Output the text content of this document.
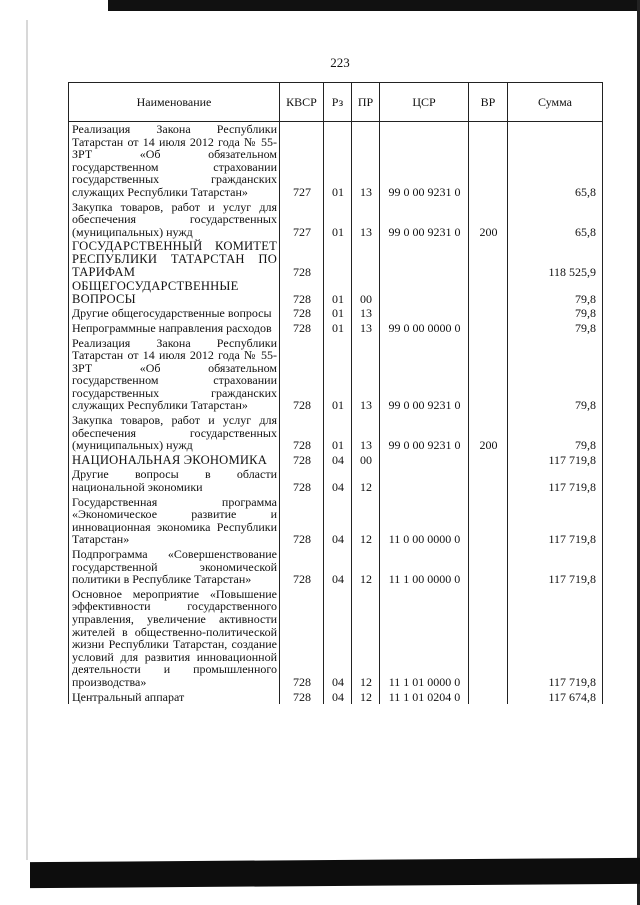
223
Наименование	КВСР	Рз	ПР	ЦСР	ВР	Сумма
Реализация Закона Республики Татарстан от 14 июля 2012 года № 55-ЗРТ «Об обязательном государственном страховании государственных гражданских служащих Республики Татарстан»	727	01	13	99 0 00 9231 0		65,8
Закупка товаров, работ и услуг для обеспечения государственных (муниципальных) нужд	727	01	13	99 0 00 9231 0	200	65,8
ГОСУДАРСТВЕННЫЙ КОМИТЕТ РЕСПУБЛИКИ ТАТАРСТАН ПО ТАРИФАМ	728					118 525,9
ОБЩЕГОСУДАРСТВЕННЫЕ ВОПРОСЫ	728	01	00			79,8
Другие общегосударственные вопросы	728	01	13			79,8
Непрограммные направления расходов	728	01	13	99 0 00 0000 0		79,8
Реализация Закона Республики Татарстан от 14 июля 2012 года № 55-ЗРТ «Об обязательном государственном страховании государственных гражданских служащих Республики Татарстан»	728	01	13	99 0 00 9231 0		79,8
Закупка товаров, работ и услуг для обеспечения государственных (муниципальных) нужд	728	01	13	99 0 00 9231 0	200	79,8
НАЦИОНАЛЬНАЯ ЭКОНОМИКА	728	04	00			117 719,8
Другие вопросы в области национальной экономики	728	04	12			117 719,8
Государственная программа «Экономическое развитие и инновационная экономика Республики Татарстан»	728	04	12	11 0 00 0000 0		117 719,8
Подпрограмма «Совершенствование государственной экономической политики в Республике Татарстан»	728	04	12	11 1 00 0000 0		117 719,8
Основное мероприятие «Повышение эффективности государственного управления, увеличение активности жителей в общественно-политической жизни Республики Татарстан, создание условий для развития инновационной деятельности и промышленного производства»	728	04	12	11 1 01 0000 0		117 719,8
Центральный аппарат	728	04	12	11 1 01 0204 0		117 674,8
